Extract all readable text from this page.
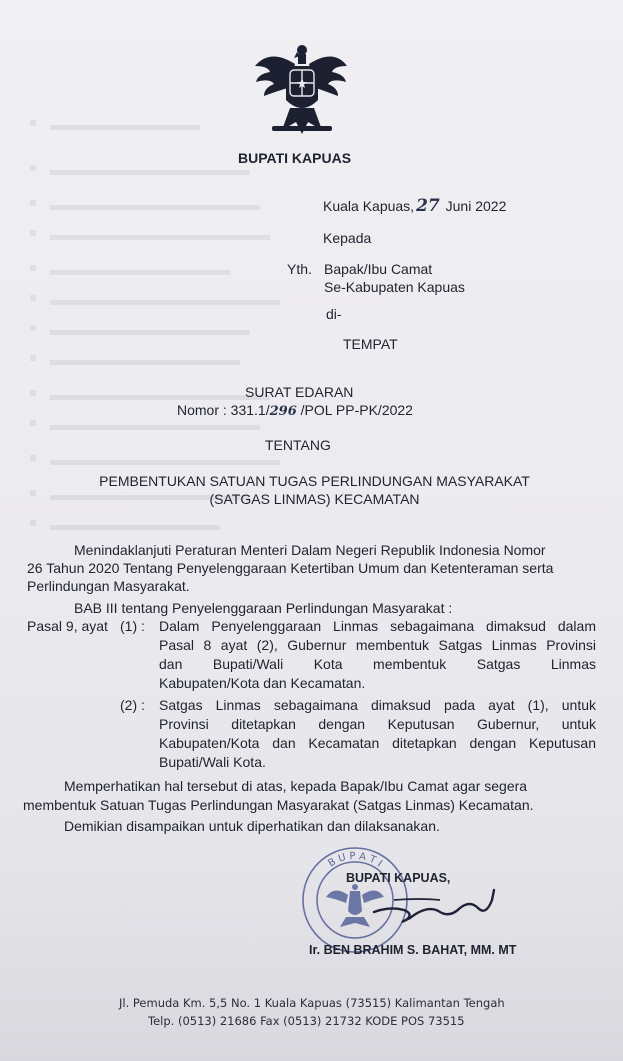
BUPATI KAPUAS
Kuala Kapuas, 27 Juni 2022
Kepada
Yth. Bapak/Ibu Camat
Se-Kabupaten Kapuas
di-
TEMPAT
SURAT EDARAN
Nomor : 331.1/296 /POL PP-PK/2022
TENTANG
PEMBENTUKAN SATUAN TUGAS PERLINDUNGAN MASYARAKAT
(SATGAS LINMAS) KECAMATAN
Menindaklanjuti Peraturan Menteri Dalam Negeri Republik Indonesia Nomor
26 Tahun 2020 Tentang Penyelenggaraan Ketertiban Umum dan Ketenteraman serta
Perlindungan Masyarakat.
BAB III tentang Penyelenggaraan Perlindungan Masyarakat :
Pasal 9, ayat (1) : Dalam Penyelenggaraan Linmas sebagaimana dimaksud dalam
Pasal 8 ayat (2), Gubernur membentuk Satgas Linmas Provinsi
dan Bupati/Wali Kota membentuk Satgas Linmas
Kabupaten/Kota dan Kecamatan.
(2) : Satgas Linmas sebagaimana dimaksud pada ayat (1), untuk
Provinsi ditetapkan dengan Keputusan Gubernur, untuk
Kabupaten/Kota dan Kecamatan ditetapkan dengan Keputusan
Bupati/Wali Kota.
Memperhatikan hal tersebut di atas, kepada Bapak/Ibu Camat agar segera
membentuk Satuan Tugas Perlindungan Masyarakat (Satgas Linmas) Kecamatan.
Demikian disampaikan untuk diperhatikan dan dilaksanakan.
B U P A T I
BUPATI KAPUAS,
Ir. BEN BRAHIM S. BAHAT, MM. MT
Jl. Pemuda Km. 5,5 No. 1 Kuala Kapuas (73515) Kalimantan Tengah
Telp. (0513) 21686 Fax (0513) 21732 KODE POS 73515
